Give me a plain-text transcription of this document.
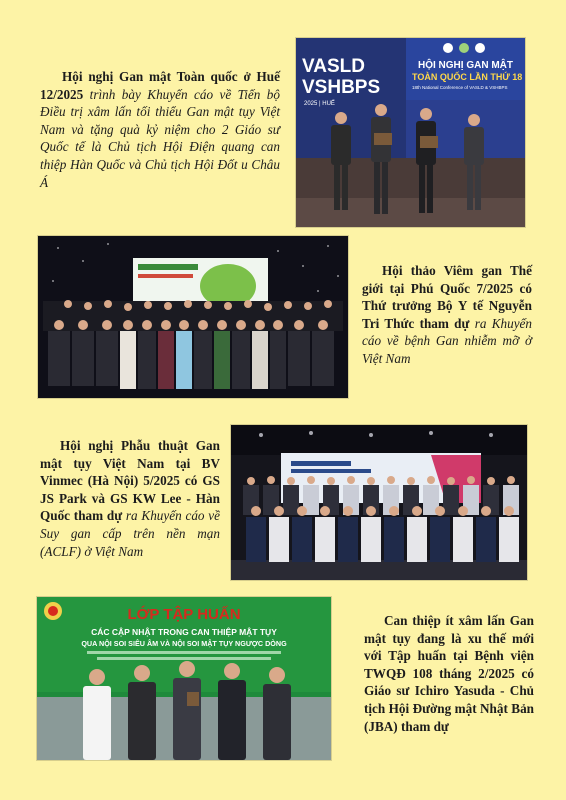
Hội nghị Gan mật Toàn quốc ở Huế 12/2025 trình bày Khuyến cáo về Tiến bộ Điều trị xâm lấn tối thiểu Gan mật tụy Việt Nam và tặng quà kỷ niệm cho 2 Giáo sư Quốc tế là Chủ tịch Hội Điện quang can thiệp Hàn Quốc và Chủ tịch Hội Đốt u Châu Á
VASLD
VSHBPS
2025 | HUẾ
HỘI NGHỊ GAN MẬT
TOÀN QUỐC LẦN THỨ 18
18th National Conference of VASLD & VSHBPS
Hội thảo Viêm gan Thế giới tại Phú Quốc 7/2025 có Thứ trưởng Bộ Y tế Nguyễn Tri Thức tham dự ra Khuyến cáo về bệnh Gan nhiễm mỡ ở Việt Nam
Hội nghị Phẫu thuật Gan mật tụy Việt Nam tại BV Vinmec (Hà Nội) 5/2025 có GS JS Park và GS KW Lee - Hàn Quốc tham dự ra Khuyến cáo về Suy gan cấp trên nền mạn (ACLF) ở Việt Nam
LỚP TẬP HUẤN
CÁC CẬP NHẬT TRONG CAN THIỆP MẬT TỤY
QUA NỘI SOI SIÊU ÂM VÀ NỘI SOI MẬT TỤY NGƯỢC DÒNG
Can thiệp ít xâm lấn Gan mật tụy đang là xu thế mới với Tập huấn tại Bệnh viện TWQĐ 108 tháng 2/2025 có Giáo sư Ichiro Yasuda - Chủ tịch Hội Đường mật Nhật Bản (JBA) tham dự
